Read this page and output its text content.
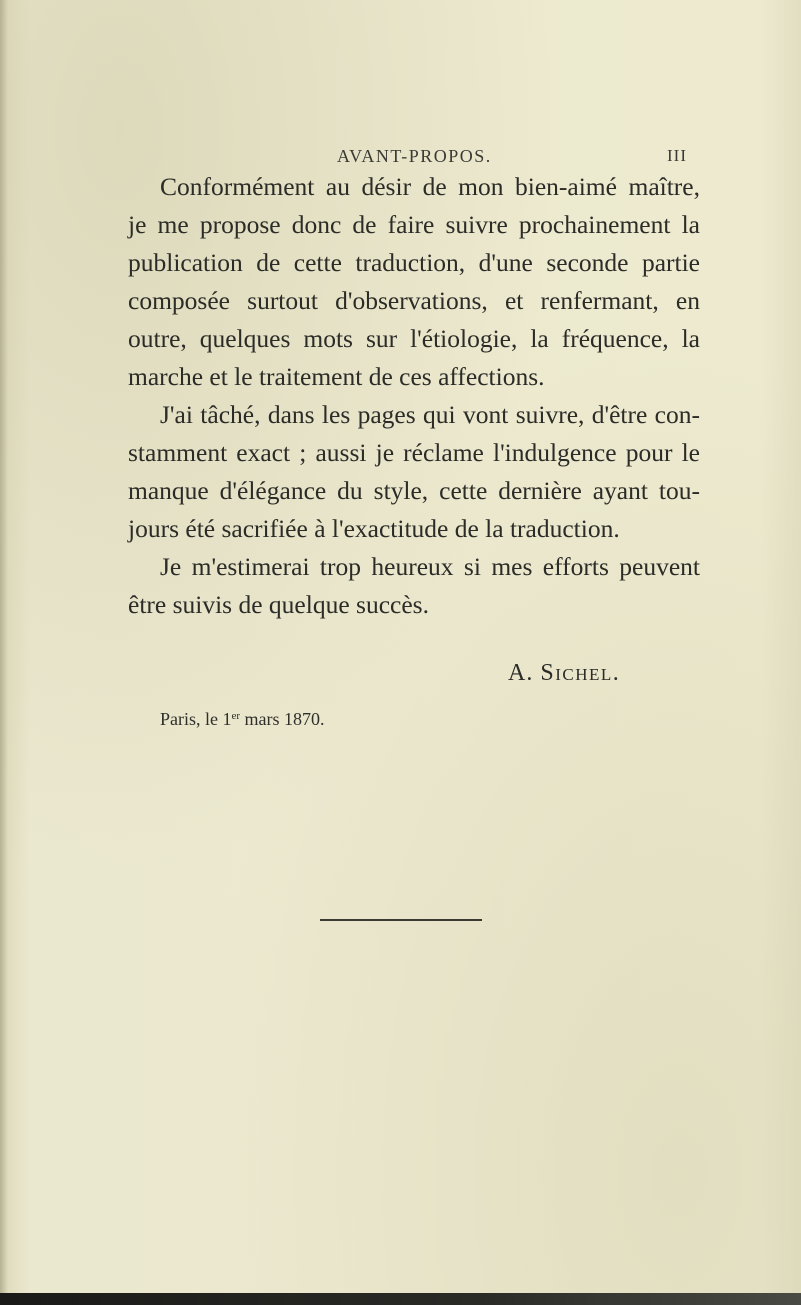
AVANT-PROPOS.	III
Conformément au désir de mon bien-aimé maître,
je me propose donc de faire suivre prochainement la
publication de cette traduction, d'une seconde partie
composée surtout d'observations, et renfermant, en
outre, quelques mots sur l'étiologie, la fréquence, la
marche et le traitement de ces affections.
J'ai tâché, dans les pages qui vont suivre, d'être con-
stamment exact ; aussi je réclame l'indulgence pour le
manque d'élégance du style, cette dernière ayant tou-
jours été sacrifiée à l'exactitude de la traduction.
Je m'estimerai trop heureux si mes efforts peuvent
être suivis de quelque succès.
A. Sichel.
Paris, le 1er mars 1870.
